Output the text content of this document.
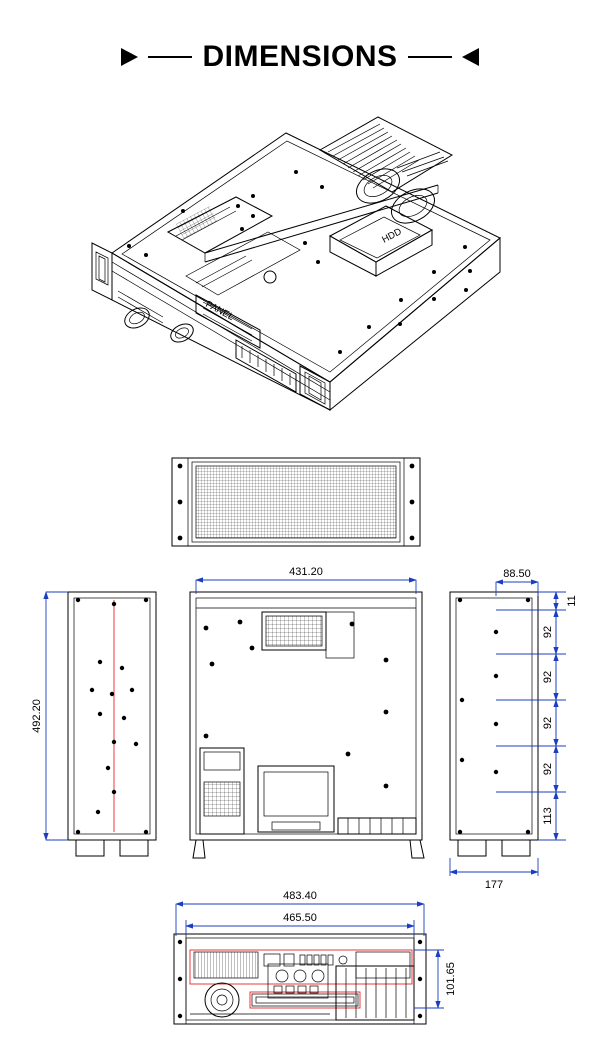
DIMENSIONS
HDD
PANEL
492.20
431.20	88.50
11
92
92
92
92
113
177
483.40
465.50
101.65
